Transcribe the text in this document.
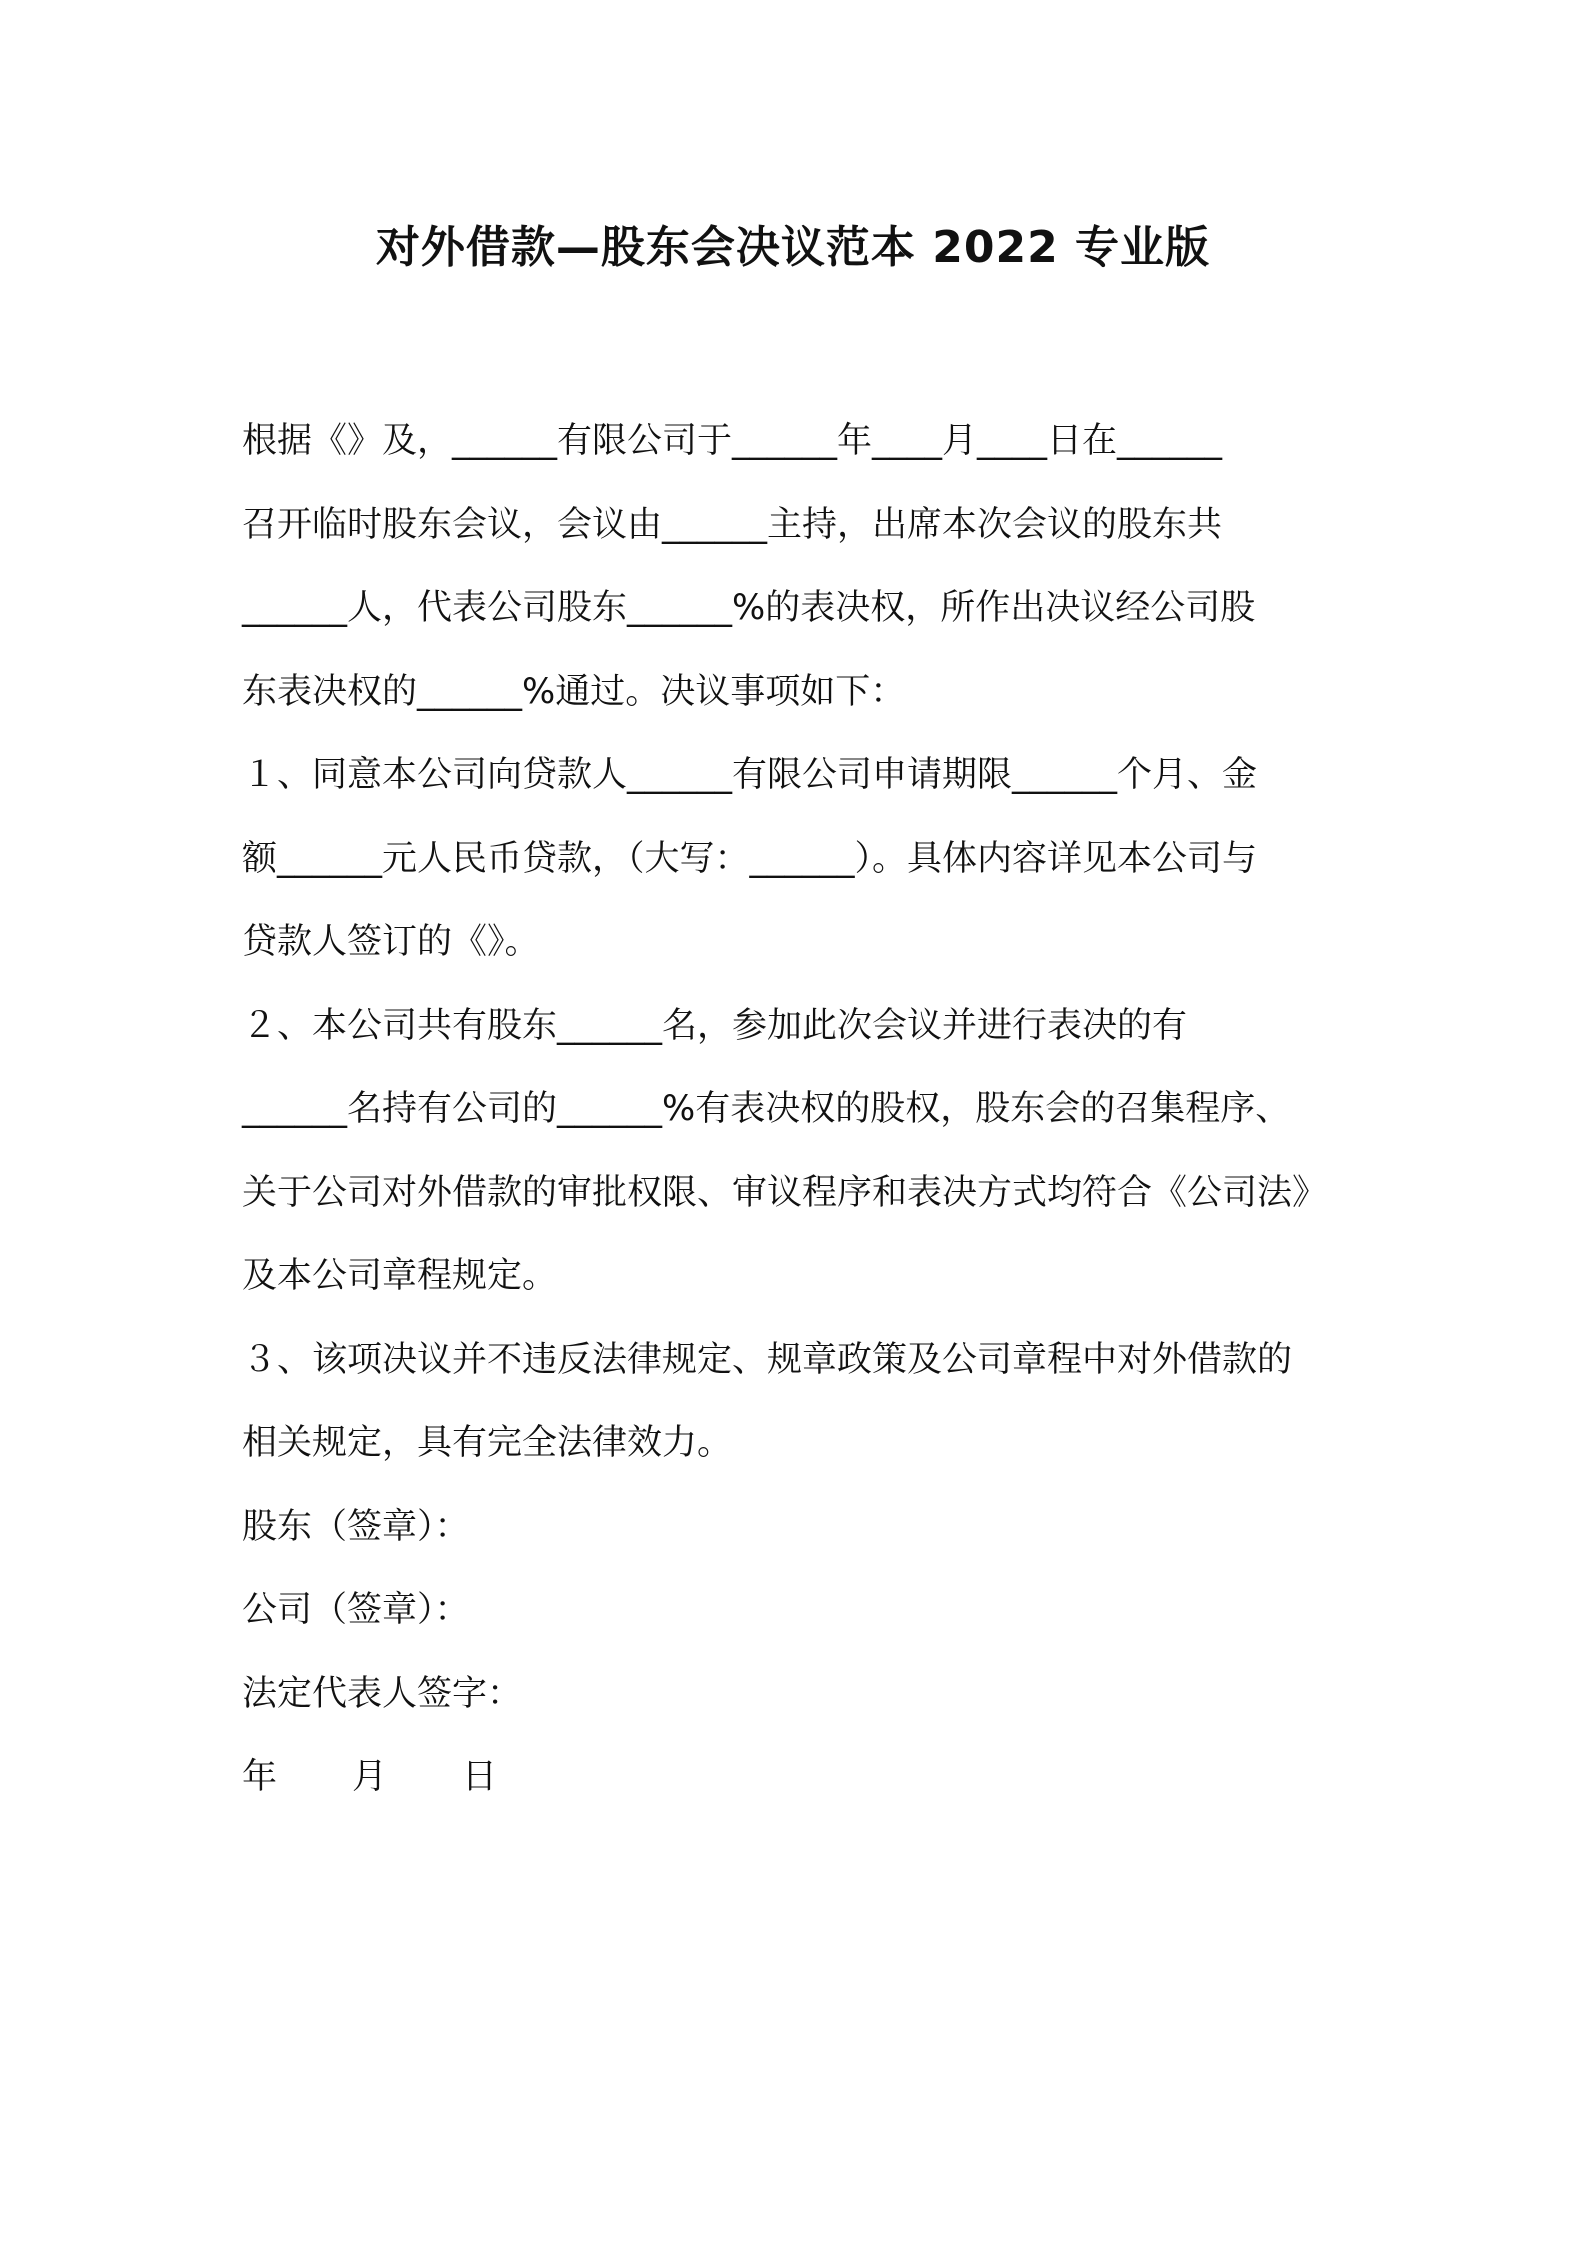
对外借款—股东会决议范本 2022 专业版
根据《》及，______有限公司于______年____月____日在______
召开临时股东会议，会议由______主持，出席本次会议的股东共
______人，代表公司股东______%的表决权，所作出决议经公司股
东表决权的______%通过。决议事项如下：
１、同意本公司向贷款人______有限公司申请期限______个月、金
额______元人民币贷款，（大写：______）。具体内容详见本公司与
贷款人签订的《》。
２、本公司共有股东______名，参加此次会议并进行表决的有
______名持有公司的______%有表决权的股权，股东会的召集程序、
关于公司对外借款的审批权限、审议程序和表决方式均符合《公司法》
及本公司章程规定。
３、该项决议并不违反法律规定、规章政策及公司章程中对外借款的
相关规定，具有完全法律效力。
股东（签章）：
公司（签章）：
法定代表人签字：
年 月 日
